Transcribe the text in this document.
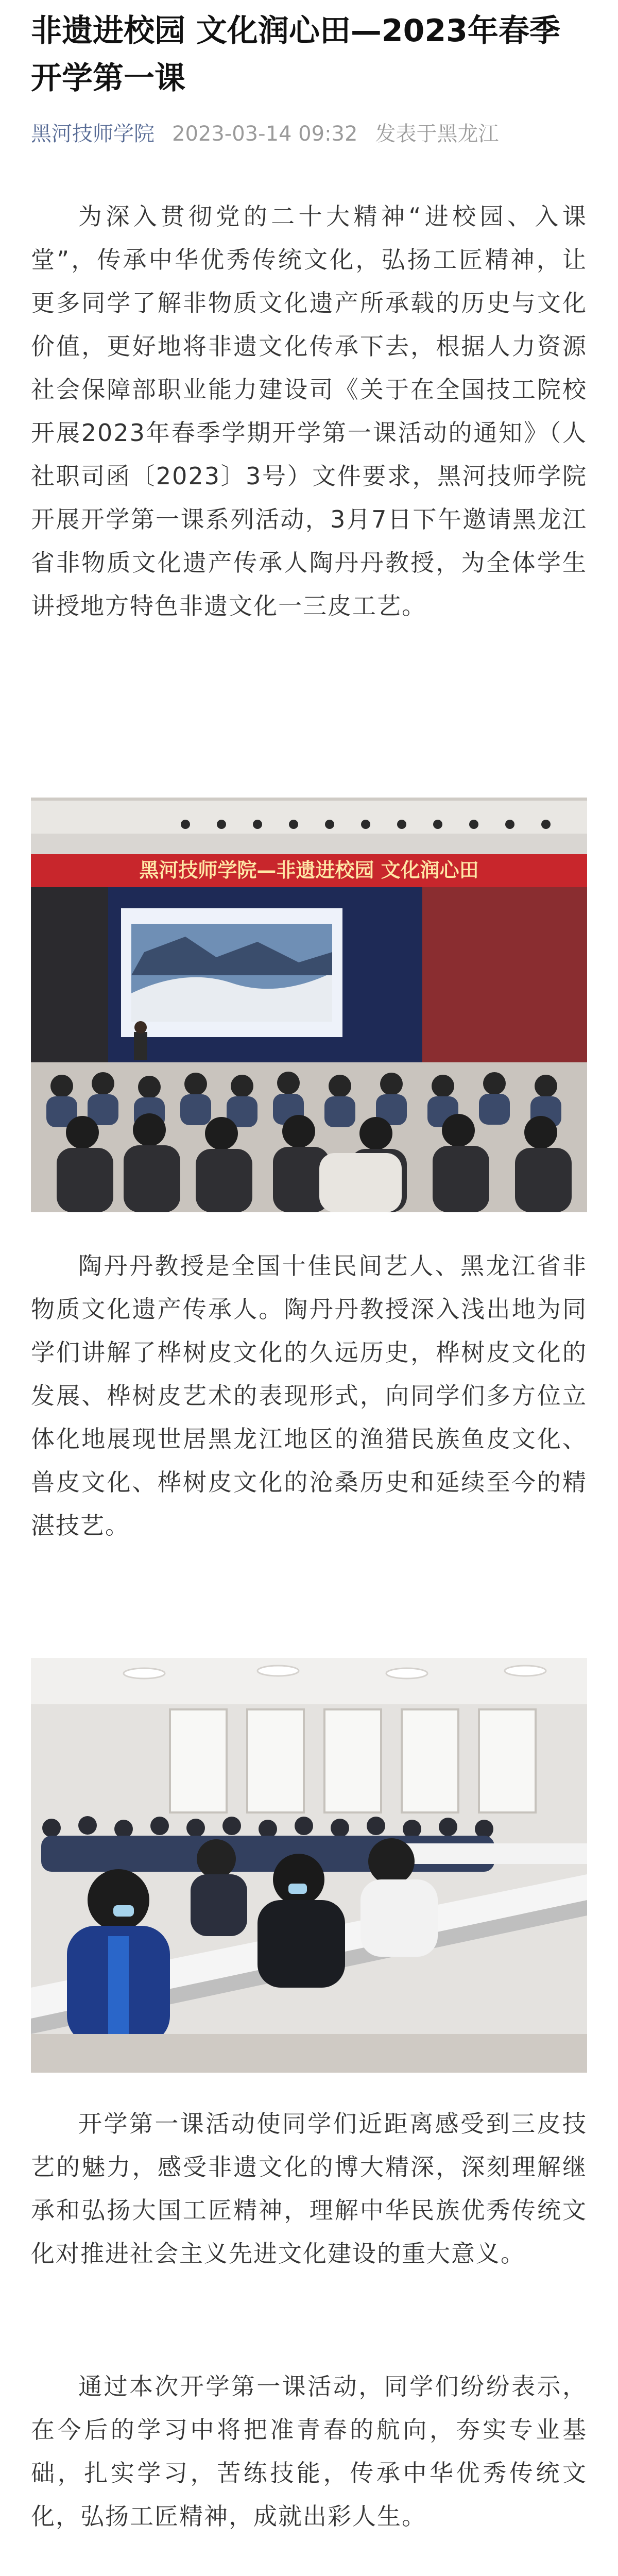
非遗进校园 文化润心田—2023年春季开学第一课
黑河技师学院 2023-03-14 09:32 发表于黑龙江

为深入贯彻党的二十大精神“进校园、入课堂”，传承中华优秀传统文化，弘扬工匠精神，让更多同学了解非物质文化遗产所承载的历史与文化价值，更好地将非遗文化传承下去，根据人力资源社会保障部职业能力建设司《关于在全国技工院校开展2023年春季学期开学第一课活动的通知》（人社职司函〔2023〕3号）文件要求，黑河技师学院开展开学第一课系列活动，3月7日下午邀请黑龙江省非物质文化遗产传承人陶丹丹教授，为全体学生讲授地方特色非遗文化一三皮工艺。

黑河技师学院—非遗进校园 文化润心田

陶丹丹教授是全国十佳民间艺人、黑龙江省非物质文化遗产传承人。陶丹丹教授深入浅出地为同学们讲解了桦树皮文化的久远历史，桦树皮文化的发展、桦树皮艺术的表现形式，向同学们多方位立体化地展现世居黑龙江地区的渔猎民族鱼皮文化、兽皮文化、桦树皮文化的沧桑历史和延续至今的精湛技艺。

开学第一课活动使同学们近距离感受到三皮技艺的魅力，感受非遗文化的博大精深，深刻理解继承和弘扬大国工匠精神，理解中华民族优秀传统文化对推进社会主义先进文化建设的重大意义。

通过本次开学第一课活动，同学们纷纷表示，在今后的学习中将把准青春的航向，夯实专业基础，扎实学习，苦练技能，传承中华优秀传统文化，弘扬工匠精神，成就出彩人生。
